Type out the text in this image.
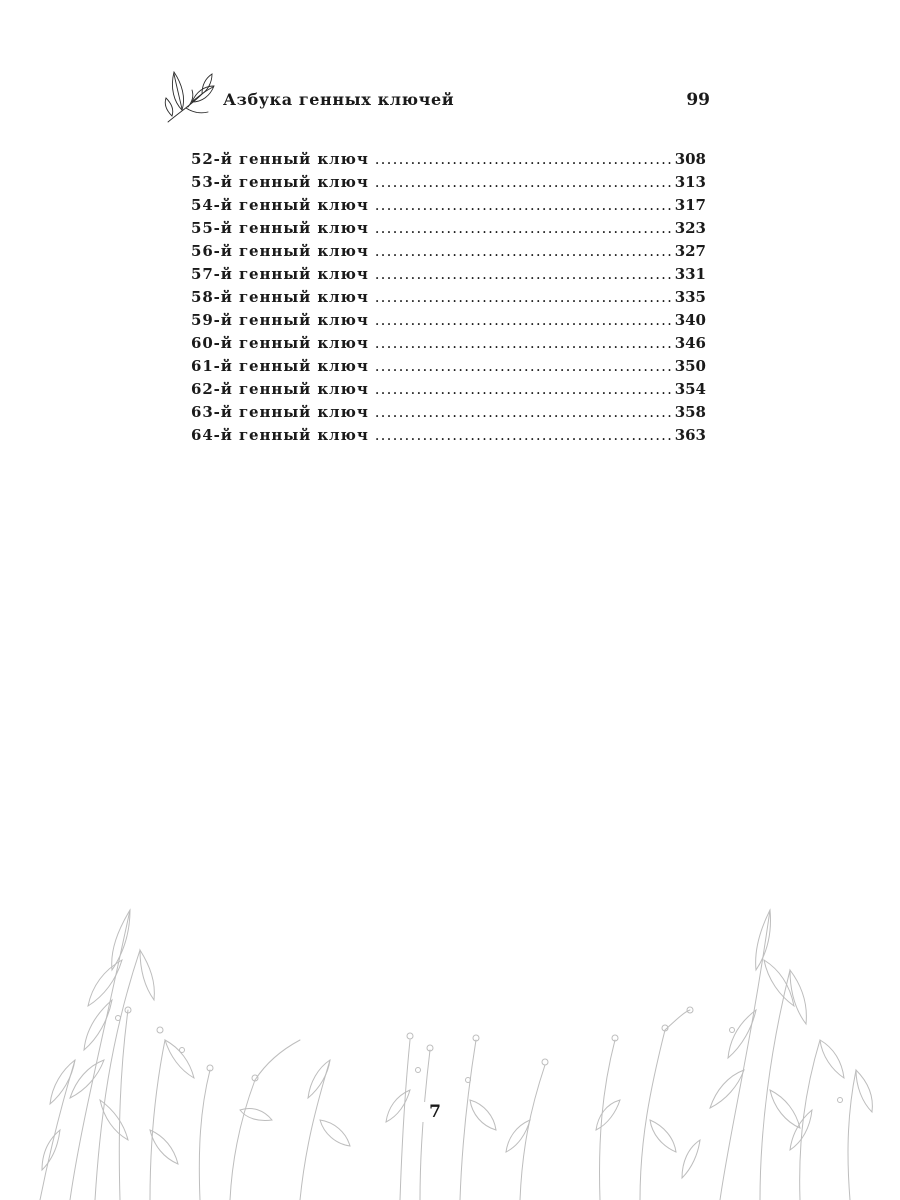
Азбука генных ключей	99
52-й генный ключ .....	308
53-й генный ключ .....	313
54-й генный ключ .....	317
55-й генный ключ .....	323
56-й генный ключ .....	327
57-й генный ключ .....	331
58-й генный ключ .....	335
59-й генный ключ .....	340
60-й генный ключ .....	346
61-й генный ключ .....	350
62-й генный ключ .....	354
63-й генный ключ .....	358
64-й генный ключ .....	363
7
